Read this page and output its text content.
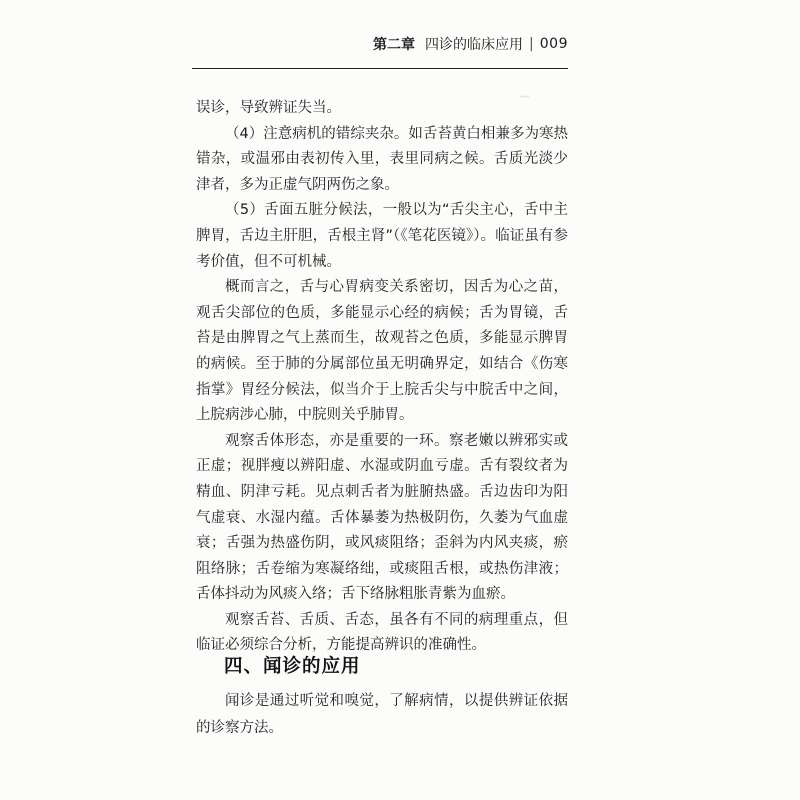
▔
第二章 四诊的临床应用 | 009

误诊，导致辨证失当。

（4）注意病机的错综夹杂。如舌苔黄白相兼多为寒热错杂，或温邪由表初传入里，表里同病之候。舌质光淡少津者，多为正虚气阴两伤之象。

（5）舌面五脏分候法，一般以为“舌尖主心，舌中主脾胃，舌边主肝胆，舌根主肾”（《笔花医镜》）。临证虽有参考价值，但不可机械。

概而言之，舌与心胃病变关系密切，因舌为心之苗，观舌尖部位的色质，多能显示心经的病候；舌为胃镜，舌苔是由脾胃之气上蒸而生，故观苔之色质，多能显示脾胃的病候。至于肺的分属部位虽无明确界定，如结合《伤寒指掌》胃经分候法，似当介于上脘舌尖与中脘舌中之间，上脘病涉心肺，中脘则关乎肺胃。

观察舌体形态，亦是重要的一环。察老嫩以辨邪实或正虚；视胖瘦以辨阳虚、水湿或阴血亏虚。舌有裂纹者为精血、阴津亏耗。见点刺舌者为脏腑热盛。舌边齿印为阳气虚衰、水湿内蕴。舌体暴萎为热极阴伤，久萎为气血虚衰；舌强为热盛伤阴，或风痰阻络；歪斜为内风夹痰，瘀阻络脉；舌卷缩为寒凝络绌，或痰阻舌根，或热伤津液；舌体抖动为风痰入络；舌下络脉粗胀青紫为血瘀。

观察舌苔、舌质、舌态，虽各有不同的病理重点，但临证必须综合分析，方能提高辨识的准确性。

四、闻诊的应用

闻诊是通过听觉和嗅觉，了解病情，以提供辨证依据的诊察方法。
